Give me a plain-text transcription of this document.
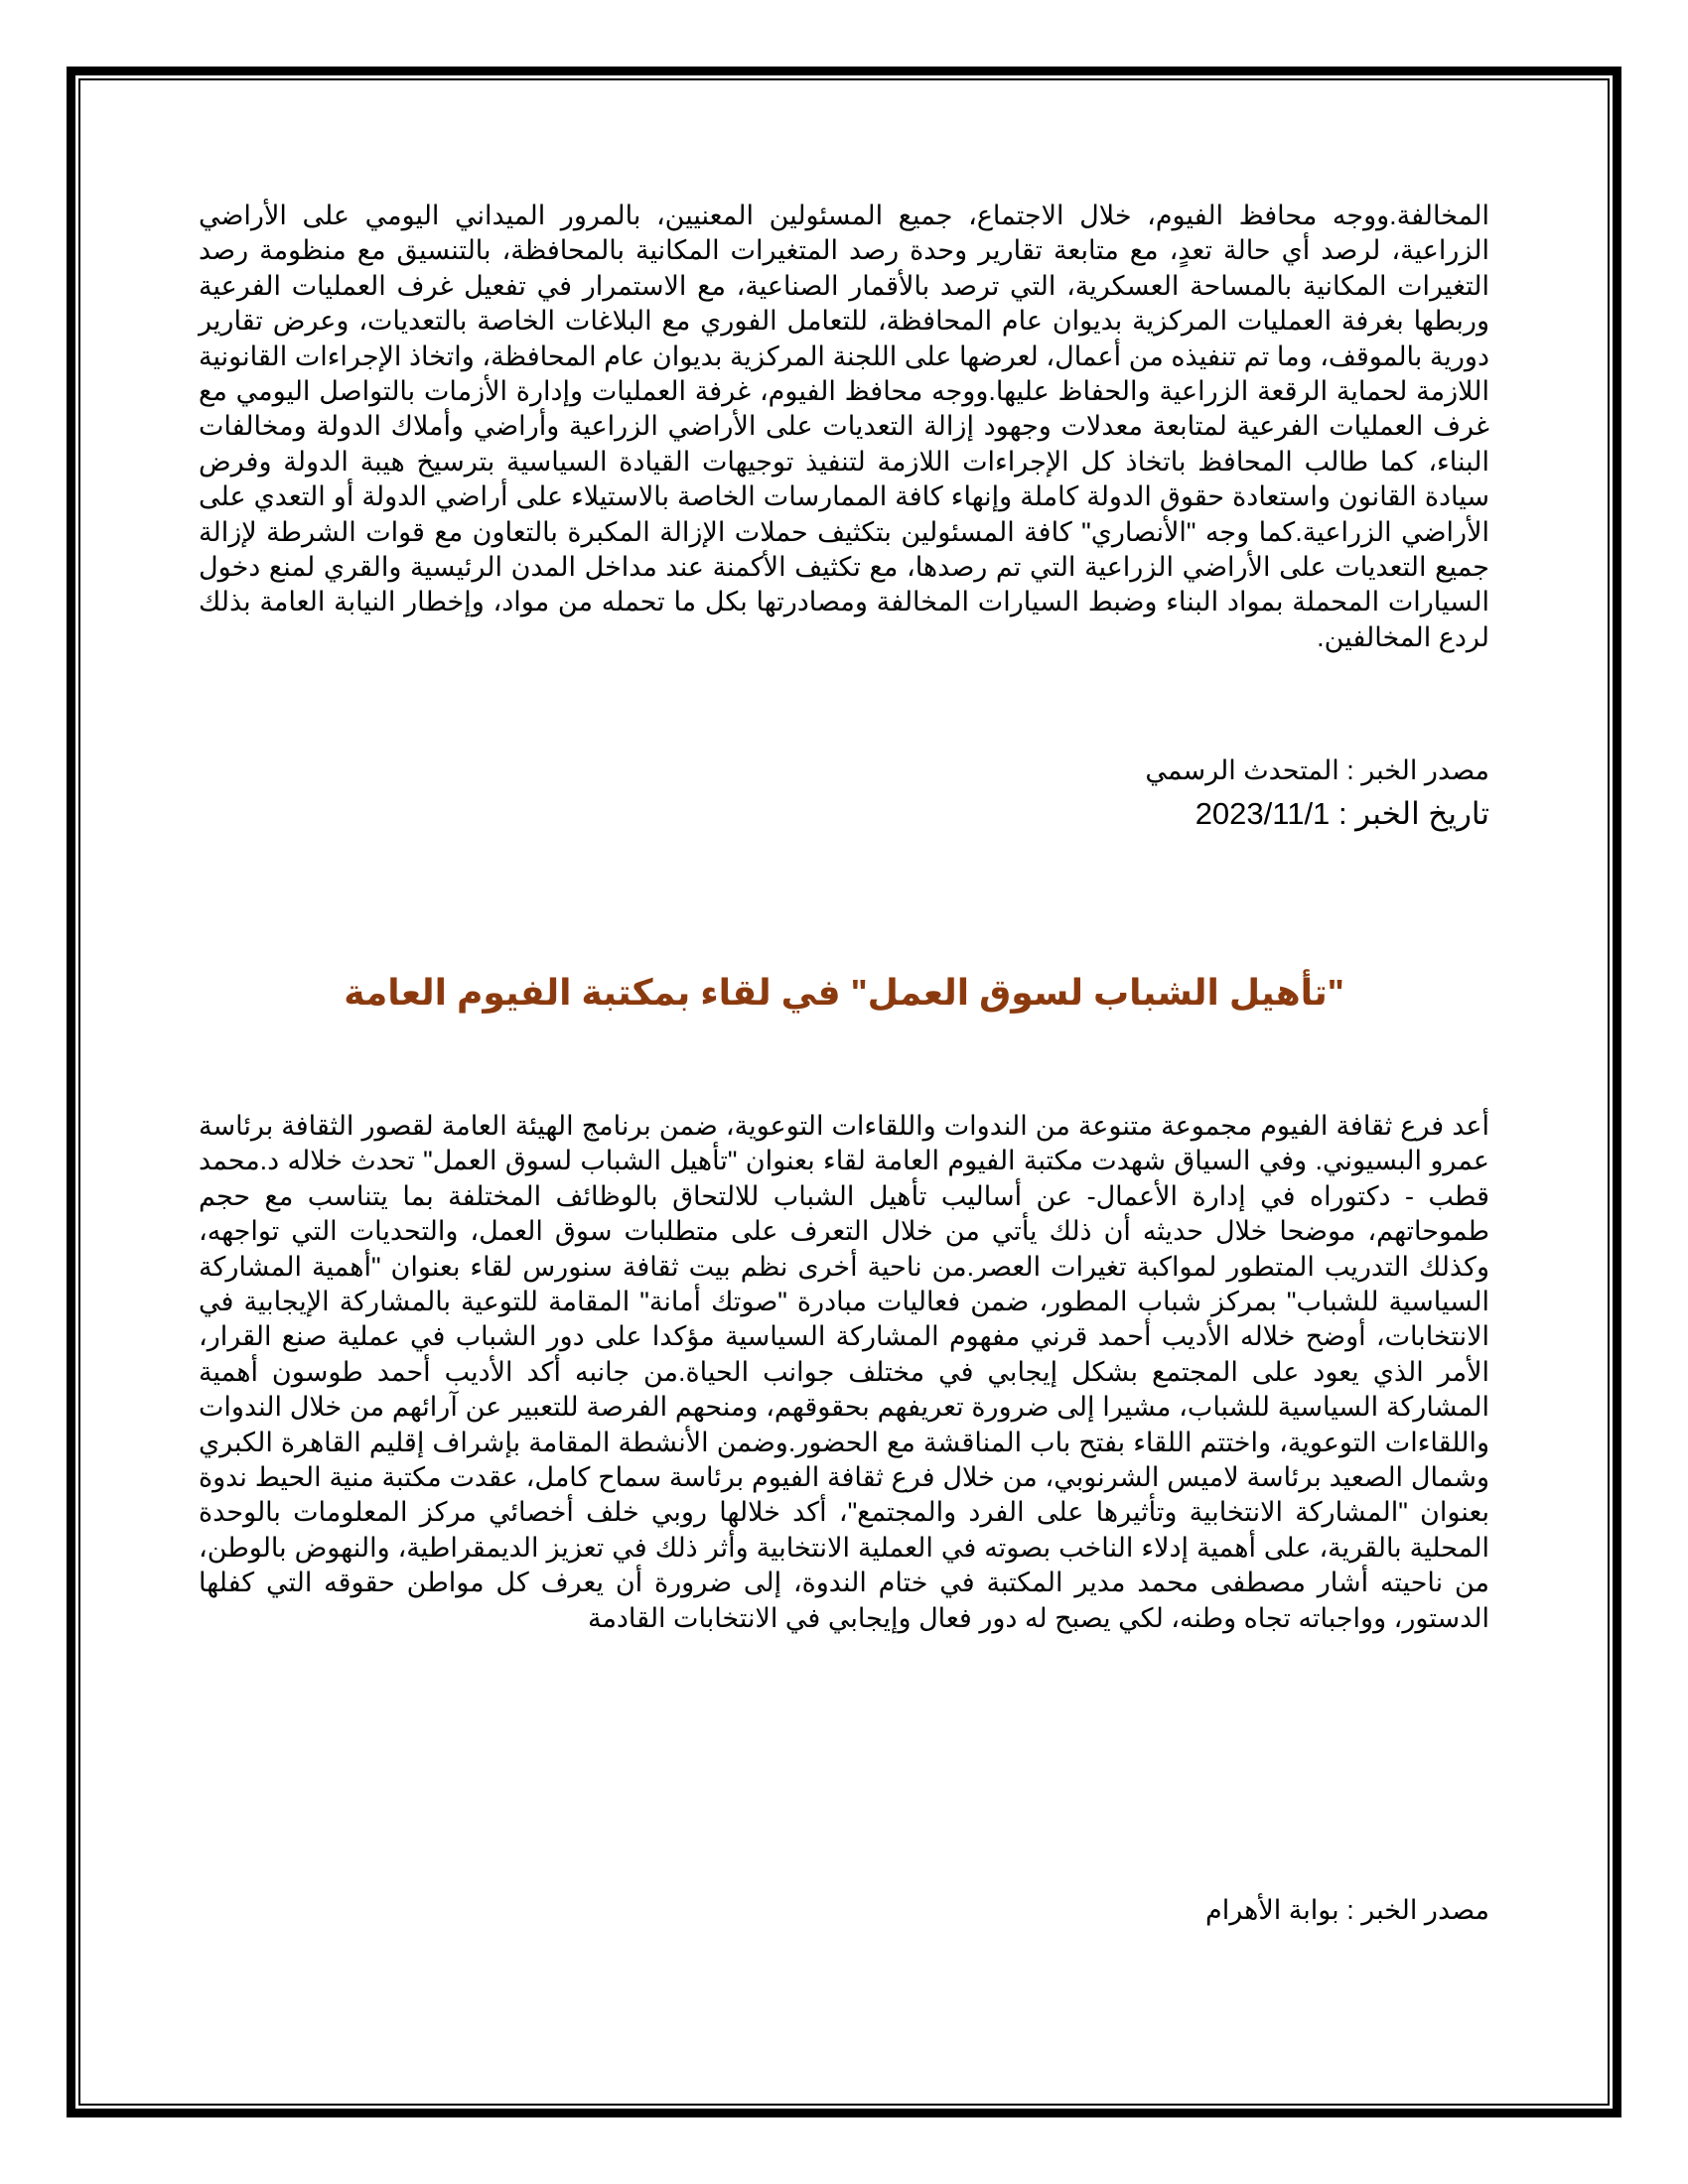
المخالفة.ووجه محافظ الفيوم، خلال الاجتماع، جميع المسئولين المعنيين، بالمرور الميداني اليومي على الأراضي الزراعية، لرصد أي حالة تعدٍ، مع متابعة تقارير وحدة رصد المتغيرات المكانية بالمحافظة، بالتنسيق مع منظومة رصد التغيرات المكانية بالمساحة العسكرية، التي ترصد بالأقمار الصناعية، مع الاستمرار في تفعيل غرف العمليات الفرعية وربطها بغرفة العمليات المركزية بديوان عام المحافظة، للتعامل الفوري مع البلاغات الخاصة بالتعديات، وعرض تقارير دورية بالموقف، وما تم تنفيذه من أعمال، لعرضها على اللجنة المركزية بديوان عام المحافظة، واتخاذ الإجراءات القانونية اللازمة لحماية الرقعة الزراعية والحفاظ عليها.ووجه محافظ الفيوم، غرفة العمليات وإدارة الأزمات بالتواصل اليومي مع غرف العمليات الفرعية لمتابعة معدلات وجهود إزالة التعديات على الأراضي الزراعية وأراضي وأملاك الدولة ومخالفات البناء، كما طالب المحافظ باتخاذ كل الإجراءات اللازمة لتنفيذ توجيهات القيادة السياسية بترسيخ هيبة الدولة وفرض سيادة القانون واستعادة حقوق الدولة كاملة وإنهاء كافة الممارسات الخاصة بالاستيلاء على أراضي الدولة أو التعدي على الأراضي الزراعية.كما وجه "الأنصاري" كافة المسئولين بتكثيف حملات الإزالة المكبرة بالتعاون مع قوات الشرطة لإزالة جميع التعديات على الأراضي الزراعية التي تم رصدها، مع تكثيف الأكمنة عند مداخل المدن الرئيسية والقري لمنع دخول السيارات المحملة بمواد البناء وضبط السيارات المخالفة ومصادرتها بكل ما تحمله من مواد، وإخطار النيابة العامة بذلك لردع المخالفين.

مصدر الخبر : المتحدث الرسمي

تاريخ الخبر : 2023/11/1

"تأهيل الشباب لسوق العمل" في لقاء بمكتبة الفيوم العامة

أعد فرع ثقافة الفيوم مجموعة متنوعة من الندوات واللقاءات التوعوية، ضمن برنامج الهيئة العامة لقصور الثقافة برئاسة عمرو البسيوني. وفي السياق شهدت مكتبة الفيوم العامة لقاء بعنوان "تأهيل الشباب لسوق العمل" تحدث خلاله د.محمد قطب - دكتوراه في إدارة الأعمال- عن أساليب تأهيل الشباب للالتحاق بالوظائف المختلفة بما يتناسب مع حجم طموحاتهم، موضحا خلال حديثه أن ذلك يأتي من خلال التعرف على متطلبات سوق العمل، والتحديات التي تواجهه، وكذلك التدريب المتطور لمواكبة تغيرات العصر.من ناحية أخرى نظم بيت ثقافة سنورس لقاء بعنوان "أهمية المشاركة السياسية للشباب" بمركز شباب المطور، ضمن فعاليات مبادرة "صوتك أمانة" المقامة للتوعية بالمشاركة الإيجابية في الانتخابات، أوضح خلاله الأديب أحمد قرني مفهوم المشاركة السياسية مؤكدا على دور الشباب في عملية صنع القرار، الأمر الذي يعود على المجتمع بشكل إيجابي في مختلف جوانب الحياة.من جانبه أكد الأديب أحمد طوسون أهمية المشاركة السياسية للشباب، مشيرا إلى ضرورة تعريفهم بحقوقهم، ومنحهم الفرصة للتعبير عن آرائهم من خلال الندوات واللقاءات التوعوية، واختتم اللقاء بفتح باب المناقشة مع الحضور.وضمن الأنشطة المقامة بإشراف إقليم القاهرة الكبري وشمال الصعيد برئاسة لاميس الشرنوبي، من خلال فرع ثقافة الفيوم برئاسة سماح كامل، عقدت مكتبة منية الحيط ندوة بعنوان "المشاركة الانتخابية وتأثيرها على الفرد والمجتمع"، أكد خلالها روبي خلف أخصائي مركز المعلومات بالوحدة المحلية بالقرية، على أهمية إدلاء الناخب بصوته في العملية الانتخابية وأثر ذلك في تعزيز الديمقراطية، والنهوض بالوطن، من ناحيته أشار مصطفى محمد مدير المكتبة في ختام الندوة، إلى ضرورة أن يعرف كل مواطن حقوقه التي كفلها الدستور، وواجباته تجاه وطنه، لكي يصبح له دور فعال وإيجابي في الانتخابات القادمة

مصدر الخبر : بوابة الأهرام
